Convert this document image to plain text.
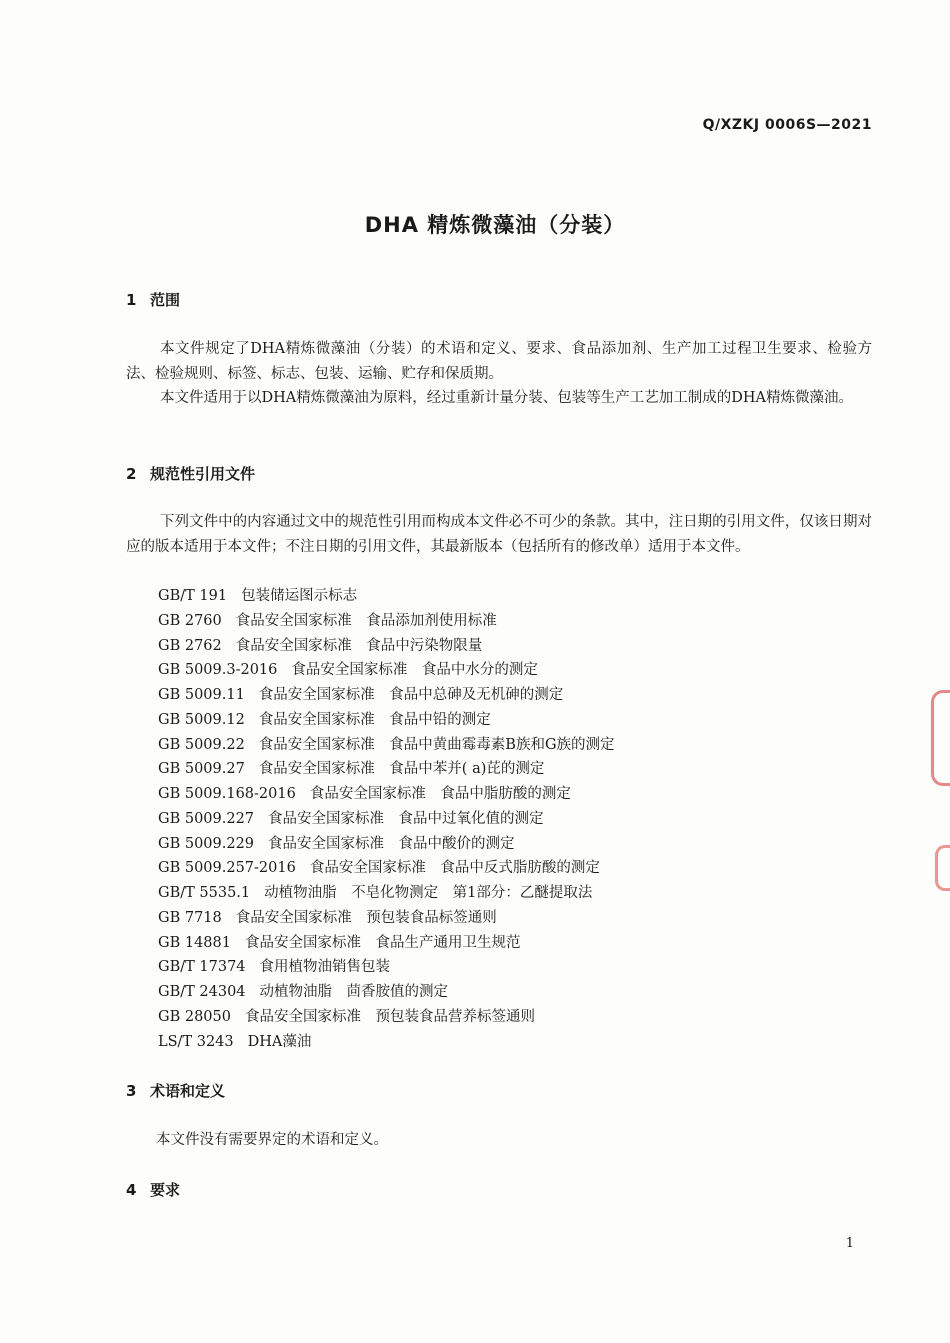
Q/XZKJ 0006S—2021
DHA 精炼微藻油（分装）
1 范围

本文件规定了DHA精炼微藻油（分装）的术语和定义、要求、食品添加剂、生产加工过程卫生要求、检验方法、检验规则、标签、标志、包装、运输、贮存和保质期。

本文件适用于以DHA精炼微藻油为原料，经过重新计量分装、包装等生产工艺加工制成的DHA精炼微藻油。

2 规范性引用文件

下列文件中的内容通过文中的规范性引用而构成本文件必不可少的条款。其中，注日期的引用文件，仅该日期对应的版本适用于本文件；不注日期的引用文件，其最新版本（包括所有的修改单）适用于本文件。

GB/T 191 包装储运图示标志
GB 2760 食品安全国家标准　食品添加剂使用标准
GB 2762 食品安全国家标准　食品中污染物限量
GB 5009.3-2016 食品安全国家标准　食品中水分的测定
GB 5009.11 食品安全国家标准　食品中总砷及无机砷的测定
GB 5009.12 食品安全国家标准　食品中铅的测定
GB 5009.22 食品安全国家标准　食品中黄曲霉毒素B族和G族的测定
GB 5009.27 食品安全国家标准　食品中苯并( a)芘的测定
GB 5009.168-2016 食品安全国家标准　食品中脂肪酸的测定
GB 5009.227 食品安全国家标准　食品中过氧化值的测定
GB 5009.229 食品安全国家标准　食品中酸价的测定
GB 5009.257-2016 食品安全国家标准　食品中反式脂肪酸的测定
GB/T 5535.1 动植物油脂　不皂化物测定　第1部分：乙醚提取法
GB 7718 食品安全国家标准　预包装食品标签通则
GB 14881 食品安全国家标准　食品生产通用卫生规范
GB/T 17374 食用植物油销售包装
GB/T 24304 动植物油脂　茴香胺值的测定
GB 28050 食品安全国家标准　预包装食品营养标签通则
LS/T 3243 DHA藻油
3 术语和定义

本文件没有需要界定的术语和定义。

4 要求
1
